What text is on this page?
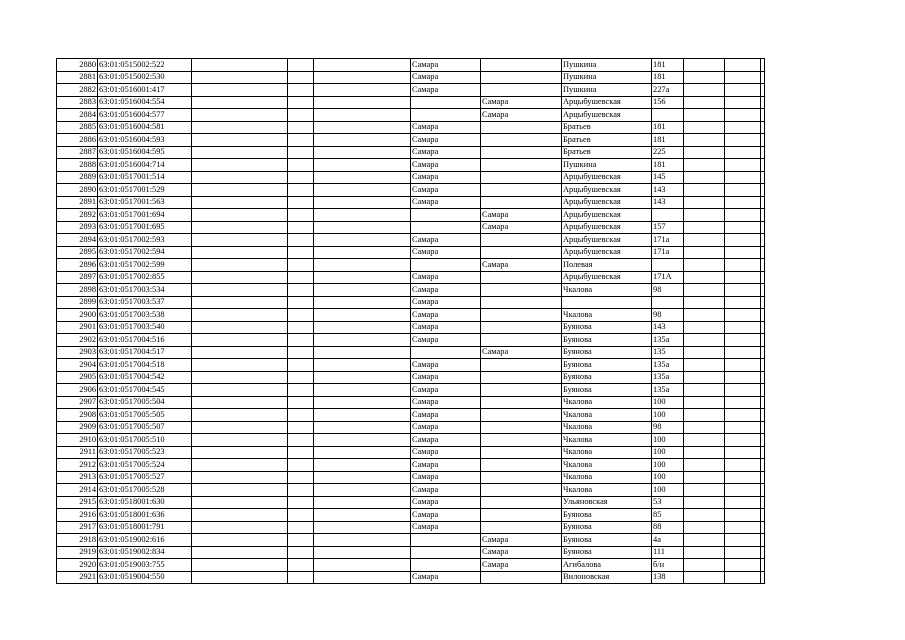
2880	63:01:0515002:522				Самара		Пушкина	181			
2881	63:01:0515002:530				Самара		Пушкина	181			
2882	63:01:0516001:417				Самара		Пушкина	227а			
2883	63:01:0516004:554					Самара	Арцыбушевская	156			
2884	63:01:0516004:577					Самара	Арцыбушевская				
2885	63:01:0516004:581				Самара		Братьев	181			
2886	63:01:0516004:593				Самара		Братьев	181			
2887	63:01:0516004:595				Самара		Братьев	225			
2888	63:01:0516004:714				Самара		Пушкина	181			
2889	63:01:0517001:514				Самара		Арцыбушевская	145			
2890	63:01:0517001:529				Самара		Арцыбушевская	143			
2891	63:01:0517001:563				Самара		Арцыбушевская	143			
2892	63:01:0517001:694					Самара	Арцыбушевская				
2893	63:01:0517001:695					Самара	Арцыбушевская	157			
2894	63:01:0517002:593				Самара		Арцыбушевская	171а			
2895	63:01:0517002:594				Самара		Арцыбушевская	171а			
2896	63:01:0517002:599					Самара	Полевая				
2897	63:01:0517002:855				Самара		Арцыбушевская	171А			
2898	63:01:0517003:534				Самара		Чкалова	98			
2899	63:01:0517003:537				Самара						
2900	63:01:0517003:538				Самара		Чкалова	98			
2901	63:01:0517003:540				Самара		Буянова	143			
2902	63:01:0517004:516				Самара		Буянова	135а			
2903	63:01:0517004:517					Самара	Буянова	135			
2904	63:01:0517004:518				Самара		Буянова	135а			
2905	63:01:0517004:542				Самара		Буянова	135а			
2906	63:01:0517004:545				Самара		Буянова	135а			
2907	63:01:0517005:504				Самара		Чкалова	100			
2908	63:01:0517005:505				Самара		Чкалова	100			
2909	63:01:0517005:507				Самара		Чкалова	98			
2910	63:01:0517005:510				Самара		Чкалова	100			
2911	63:01:0517005:523				Самара		Чкалова	100			
2912	63:01:0517005:524				Самара		Чкалова	100			
2913	63:01:0517005:527				Самара		Чкалова	100			
2914	63:01:0517005:528				Самара		Чкалова	100			
2915	63:01:0518001:630				Самара		Ульяновская	53			
2916	63:01:0518001:636				Самара		Буянова	85			
2917	63:01:0518001:791				Самара		Буянова	88			
2918	63:01:0519002:616					Самара	Буянова	4а			
2919	63:01:0519002:834					Самара	Буянова	111			
2920	63:01:0519003:755					Самара	Агибалова	б/н			
2921	63:01:0519004:550				Самара		Вилоновская	138			
